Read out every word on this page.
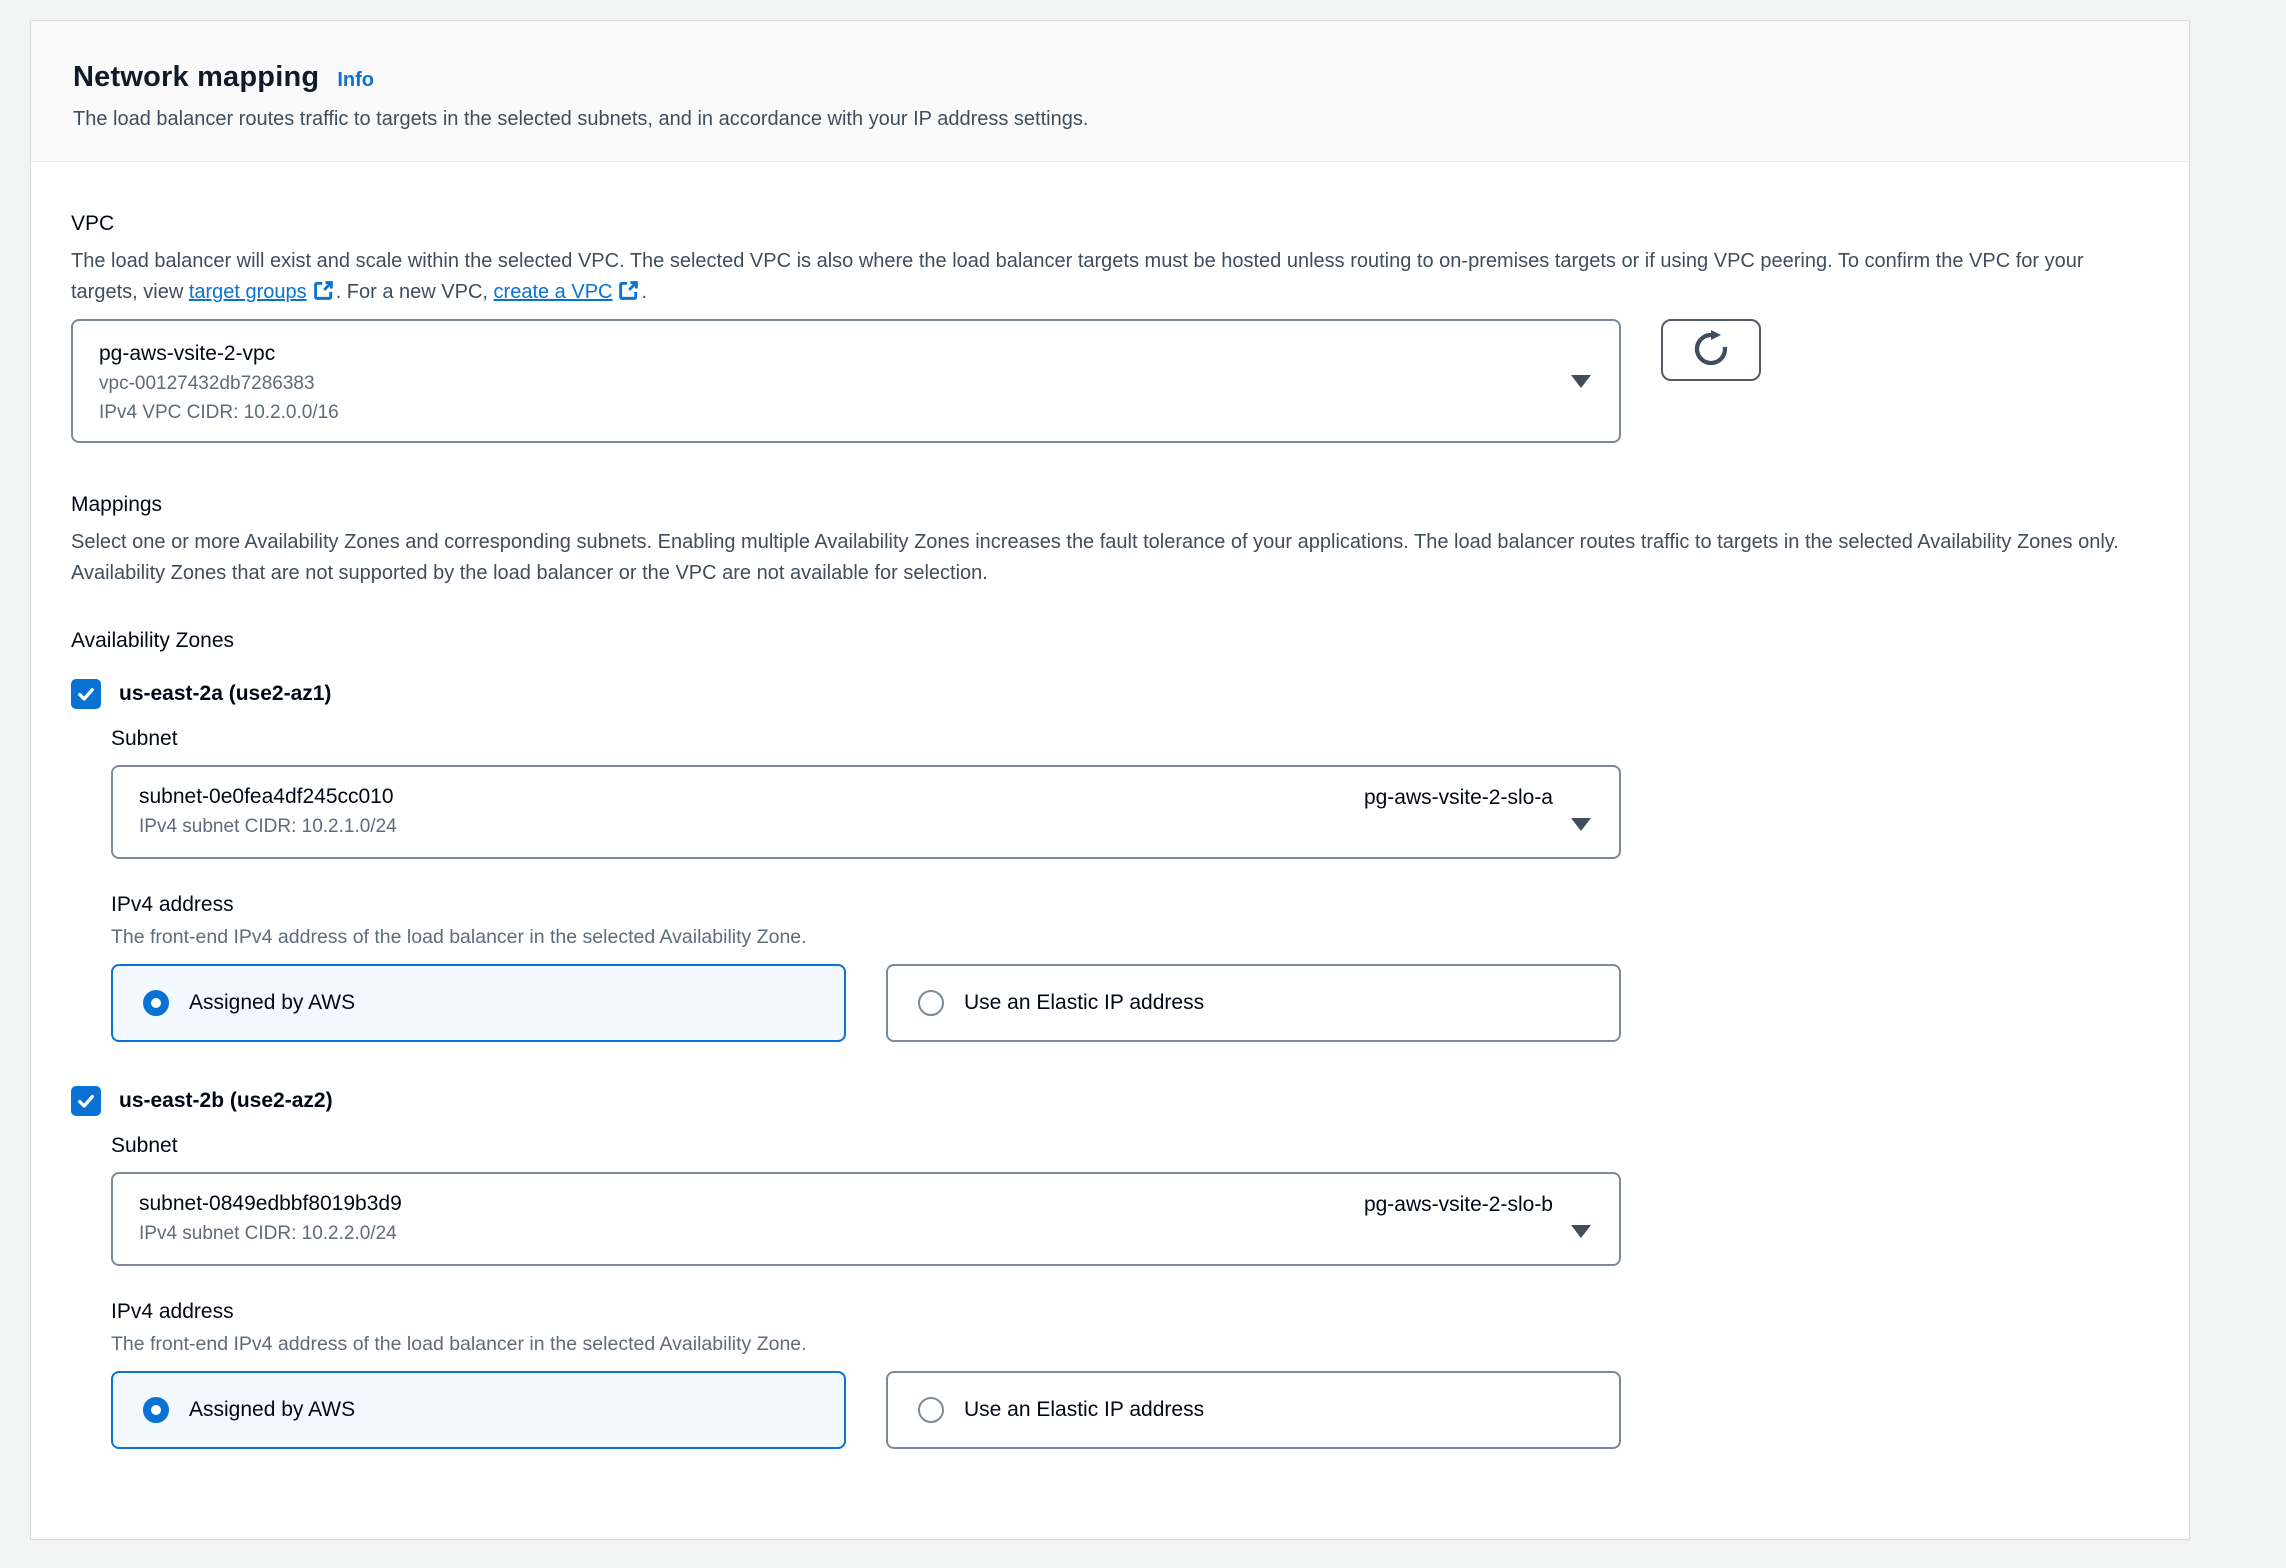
Network mapping Info
The load balancer routes traffic to targets in the selected subnets, and in accordance with your IP address settings.
VPC
The load balancer will exist and scale within the selected VPC. The selected VPC is also where the load balancer targets must be hosted unless routing to on-premises targets or if using VPC peering. To confirm the VPC for your targets, view target groups . For a new VPC, create a VPC .
pg-aws-vsite-2-vpc
vpc-00127432db7286383
IPv4 VPC CIDR: 10.2.0.0/16
Mappings
Select one or more Availability Zones and corresponding subnets. Enabling multiple Availability Zones increases the fault tolerance of your applications. The load balancer routes traffic to targets in the selected Availability Zones only. Availability Zones that are not supported by the load balancer or the VPC are not available for selection.
Availability Zones
us-east-2a (use2-az1)
Subnet
subnet-0e0fea4df245cc010
IPv4 subnet CIDR: 10.2.1.0/24
pg-aws-vsite-2-slo-a
IPv4 address
The front-end IPv4 address of the load balancer in the selected Availability Zone.
Assigned by AWS	Use an Elastic IP address
us-east-2b (use2-az2)
Subnet
subnet-0849edbbf8019b3d9
IPv4 subnet CIDR: 10.2.2.0/24
pg-aws-vsite-2-slo-b
IPv4 address
The front-end IPv4 address of the load balancer in the selected Availability Zone.
Assigned by AWS	Use an Elastic IP address
